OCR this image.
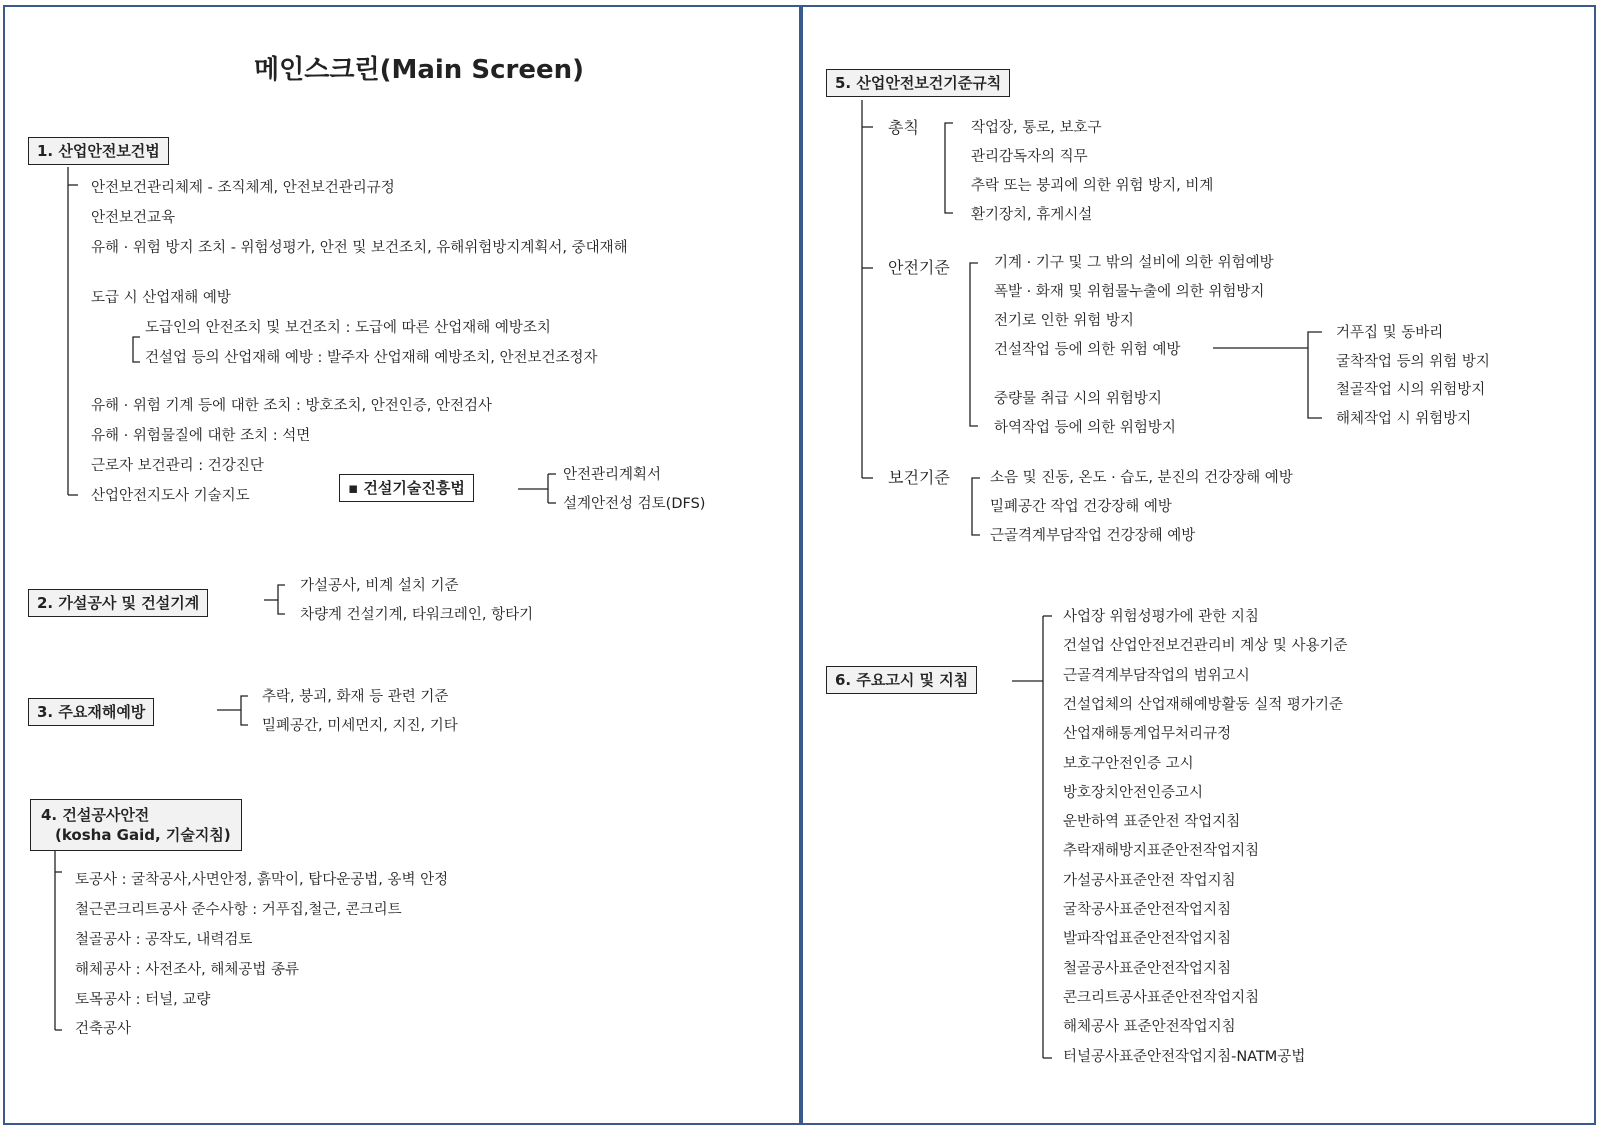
메인스크린(Main Screen)
1. 산업안전보건법
안전보건관리체제 - 조직체계, 안전보건관리규정
안전보건교육
유해 · 위험 방지 조치 - 위험성평가, 안전 및 보건조치, 유해위험방지계획서, 중대재해
도급 시 산업재해 예방
도급인의 안전조치 및 보건조치 : 도급에 따른 산업재해 예방조치
건설업 등의 산업재해 예방 : 발주자 산업재해 예방조치, 안전보건조정자
유해 · 위험 기계 등에 대한 조치 : 방호조치, 안전인증, 안전검사
유해 · 위험물질에 대한 조치 : 석면
근로자 보건관리 : 건강진단
산업안전지도사 기술지도	▪ 건설기술진흥법
안전관리계획서
설계안전성 검토(DFS)
2. 가설공사 및 건설기계
가설공사, 비계 설치 기준
차량계 건설기계, 타워크레인, 항타기
3. 주요재해예방
추락, 붕괴, 화재 등 관련 기준
밀폐공간, 미세먼지, 지진, 기타
4. 건설공사안전
(kosha Gaid, 기술지침)
토공사 : 굴착공사,사면안정, 흙막이, 탑다운공법, 옹벽 안정
철근콘크리트공사 준수사항 : 거푸집,철근, 콘크리트
철골공사 : 공작도, 내력검토
해체공사 : 사전조사, 해체공법 종류
토목공사 : 터널, 교량
건축공사
5. 산업안전보건기준규칙
총칙	작업장, 통로, 보호구
관리감독자의 직무
추락 또는 붕괴에 의한 위험 방지, 비계
환기장치, 휴게시설
안전기준	기계 · 기구 및 그 밖의 설비에 의한 위험예방
폭발 · 화재 및 위험물누출에 의한 위험방지
전기로 인한 위험 방지
건설작업 등에 의한 위험 예방
중량물 취급 시의 위험방지
하역작업 등에 의한 위험방지
거푸집 및 동바리
굴착작업 등의 위험 방지
철골작업 시의 위험방지
해체작업 시 위험방지
보건기준	소음 및 진동, 온도 · 습도, 분진의 건강장해 예방
밀폐공간 작업 건강장해 예방
근골격계부담작업 건강장해 예방
6. 주요고시 및 지침
사업장 위험성평가에 관한 지침
건설업 산업안전보건관리비 계상 및 사용기준
근골격계부담작업의 범위고시
건설업체의 산업재해예방활동 실적 평가기준
산업재해통계업무처리규정
보호구안전인증 고시
방호장치안전인증고시
운반하역 표준안전 작업지침
추락재해방지표준안전작업지침
가설공사표준안전 작업지침
굴착공사표준안전작업지침
발파작업표준안전작업지침
철골공사표준안전작업지침
콘크리트공사표준안전작업지침
해체공사 표준안전작업지침
터널공사표준안전작업지침-NATM공법
